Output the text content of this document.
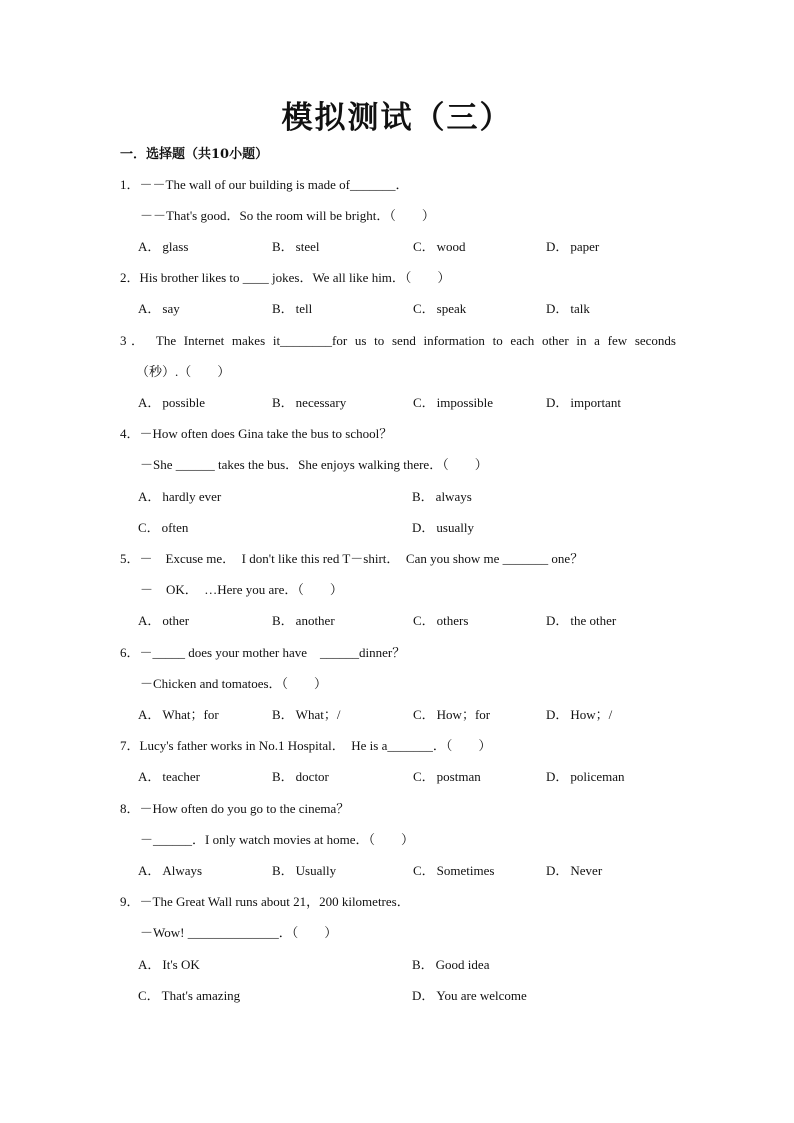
模拟测试（三）
一．选择题（共10小题）
1．－－The wall of our building is made of_______．
－－That's good．So the room will be bright．（　　）
A． glass	B． steel	C． wood	D． paper
2．His brother likes to ____ jokes．We all like him．（　　）
A． say	B． tell	C． speak	D． talk
3． The Internet makes it________for us to send information to each other in a few seconds
（秒）.（　　）
A． possible	B． necessary	C． impossible	D． important
4．－How often does Gina take the bus to school？
－She ______ takes the bus．She enjoys walking there．（　　）
A． hardly ever	B． always
C． often	D． usually
5．－　Excuse me．　I don't like this red T－shirt．　Can you show me _______ one？
－　OK．　…Here you are．（　　）
A． other	B． another	C． others	D． the other
6．－_____ does your mother have　______dinner？
－Chicken and tomatoes．（　　）
A． What；for	B． What；/	C． How；for	D． How；/
7．Lucy's father works in No.1 Hospital．　He is a_______．（　　）
A． teacher	B． doctor	C． postman	D． policeman
8．－How often do you go to the cinema？
－______．I only watch movies at home．（　　）
A． Always	B． Usually	C． Sometimes	D． Never
9．－The Great Wall runs about 21，200 kilometres．
－Wow! ______________．（　　）
A． It's OK	B． Good idea
C． That's amazing	D． You are welcome
